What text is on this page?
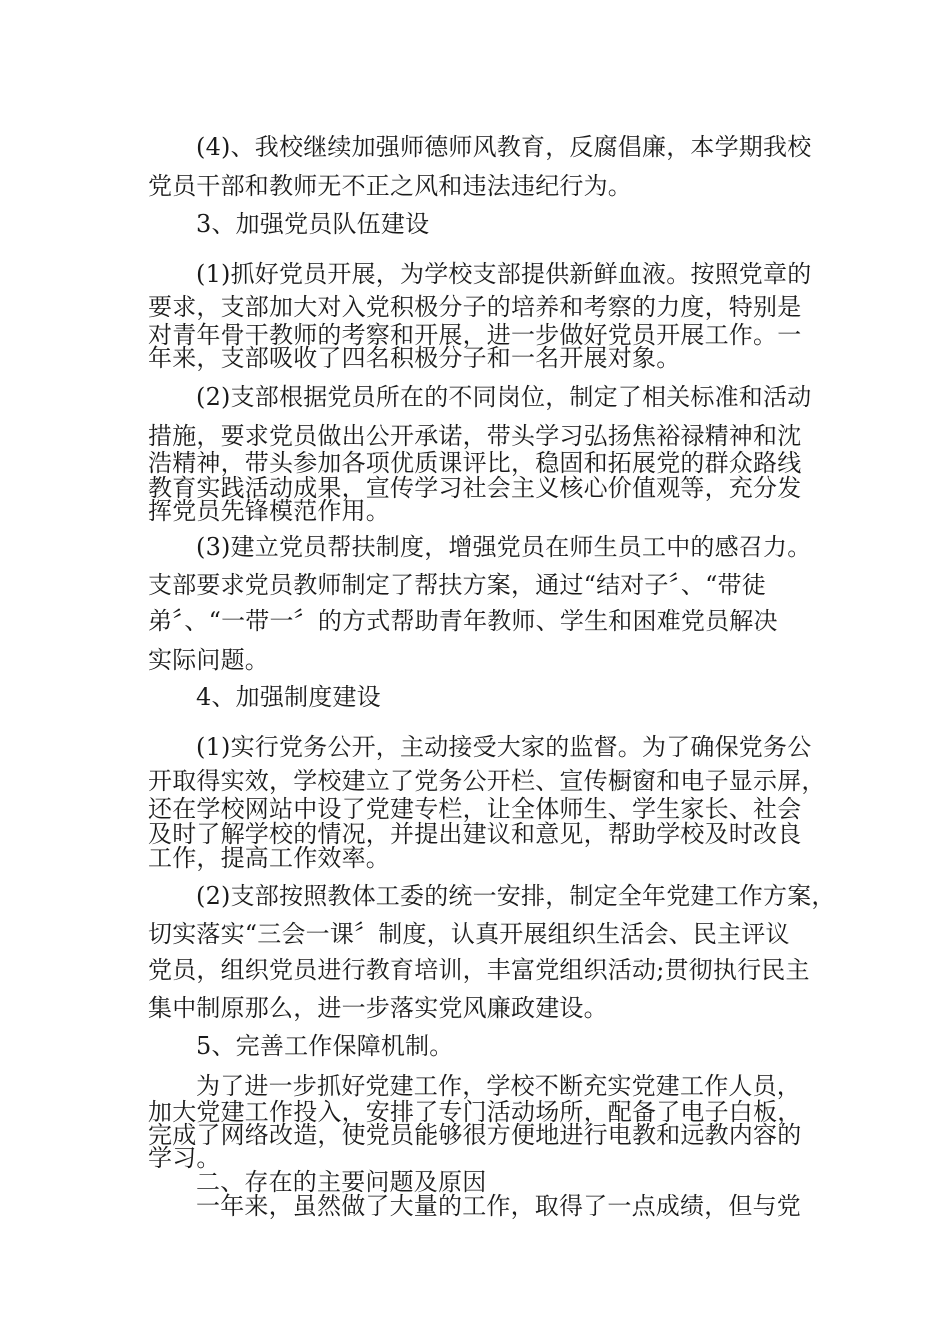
(4)、我校继续加强师德师风教育，反腐倡廉，本学期我校
党员干部和教师无不正之风和违法违纪行为。
3、加强党员队伍建设
(1)抓好党员开展，为学校支部提供新鲜血液。按照党章的
要求，支部加大对入党积极分子的培养和考察的力度，特别是
对青年骨干教师的考察和开展，进一步做好党员开展工作。一
年来，支部吸收了四名积极分子和一名开展对象。
(2)支部根据党员所在的不同岗位，制定了相关标准和活动
措施，要求党员做出公开承诺，带头学习弘扬焦裕禄精神和沈
浩精神，带头参加各项优质课评比，稳固和拓展党的群众路线
教育实践活动成果，宣传学习社会主义核心价值观等，充分发
挥党员先锋模范作用。
(3)建立党员帮扶制度，增强党员在师生员工中的感召力。
支部要求党员教师制定了帮扶方案，通过“结对子〞、“带徒
弟〞、“一带一〞的方式帮助青年教师、学生和困难党员解决
实际问题。
4、加强制度建设
(1)实行党务公开，主动接受大家的监督。为了确保党务公
开取得实效，学校建立了党务公开栏、宣传橱窗和电子显示屏，
还在学校网站中设了党建专栏，让全体师生、学生家长、社会
及时了解学校的情况，并提出建议和意见，帮助学校及时改良
工作，提高工作效率。
(2)支部按照教体工委的统一安排，制定全年党建工作方案，
切实落实“三会一课〞制度，认真开展组织生活会、民主评议
党员，组织党员进行教育培训，丰富党组织活动;贯彻执行民主
集中制原那么，进一步落实党风廉政建设。
5、完善工作保障机制。
为了进一步抓好党建工作，学校不断充实党建工作人员，
加大党建工作投入，安排了专门活动场所，配备了电子白板，
完成了网络改造，使党员能够很方便地进行电教和远教内容的
学习。
二、存在的主要问题及原因
一年来，虽然做了大量的工作，取得了一点成绩，但与党
